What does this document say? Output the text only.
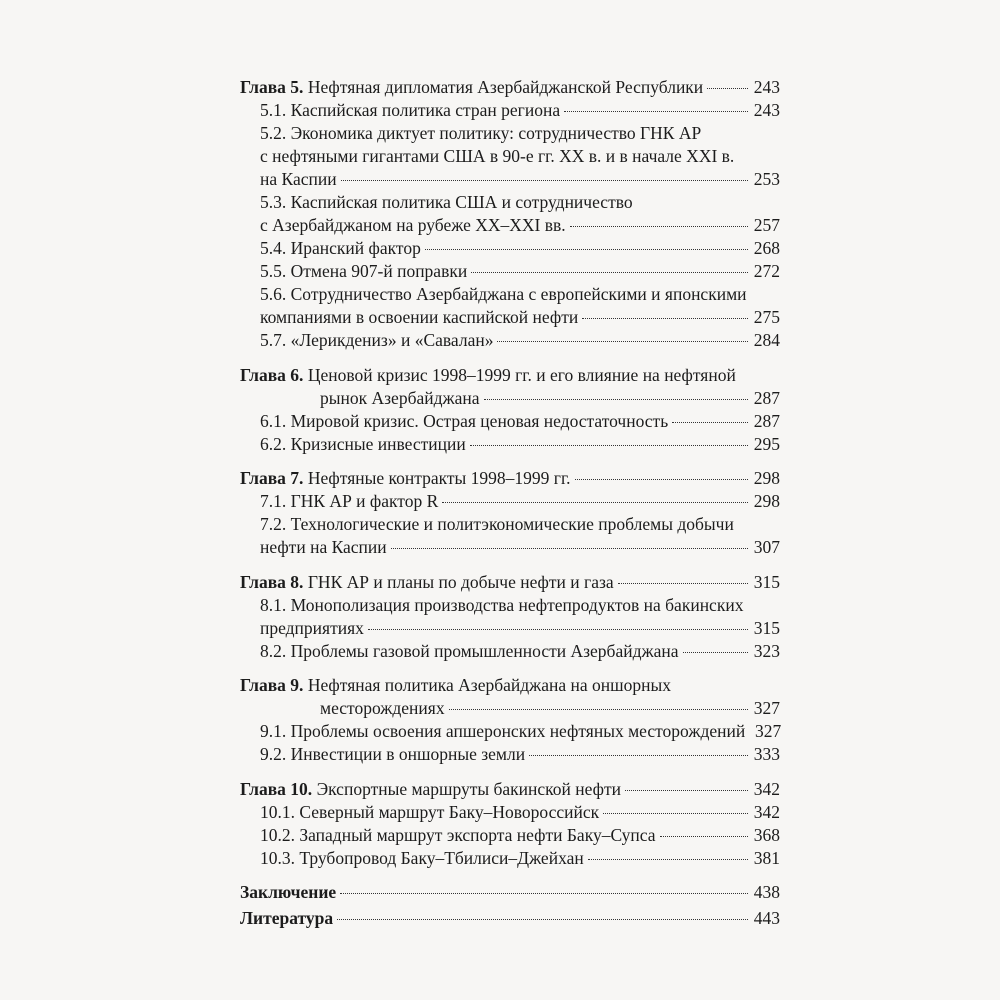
Глава 5. Нефтяная дипломатия Азербайджанской Республики	243
5.1. Каспийская политика стран региона	243
5.2. Экономика диктует политику: сотрудничество ГНК АР
с нефтяными гигантами США в 90-е гг. XX в. и в начале XXI в.
на Каспии	253
5.3. Каспийская политика США и сотрудничество
с Азербайджаном на рубеже XX–XXI вв.	257
5.4. Иранский фактор	268
5.5. Отмена 907-й поправки	272
5.6. Сотрудничество Азербайджана с европейскими и японскими
компаниями в освоении каспийской нефти	275
5.7. «Лерикдениз» и «Савалан»	284
Глава 6. Ценовой кризис 1998–1999 гг. и его влияние на нефтяной
рынок Азербайджана	287
6.1. Мировой кризис. Острая ценовая недостаточность	287
6.2. Кризисные инвестиции	295
Глава 7. Нефтяные контракты 1998–1999 гг.	298
7.1. ГНК АР и фактор R	298
7.2. Технологические и политэкономические проблемы добычи
нефти на Каспии	307
Глава 8. ГНК АР и планы по добыче нефти и газа	315
8.1. Монополизация производства нефтепродуктов на бакинских
предприятиях	315
8.2. Проблемы газовой промышленности Азербайджана	323
Глава 9. Нефтяная политика Азербайджана на оншорных
месторождениях	327
9.1. Проблемы освоения апшеронских нефтяных месторождений 327
9.2. Инвестиции в оншорные земли	333
Глава 10. Экспортные маршруты бакинской нефти	342
10.1. Северный маршрут Баку–Новороссийск	342
10.2. Западный маршрут экспорта нефти Баку–Супса	368
10.3. Трубопровод Баку–Тбилиси–Джейхан	381
Заключение	438
Литература	443
